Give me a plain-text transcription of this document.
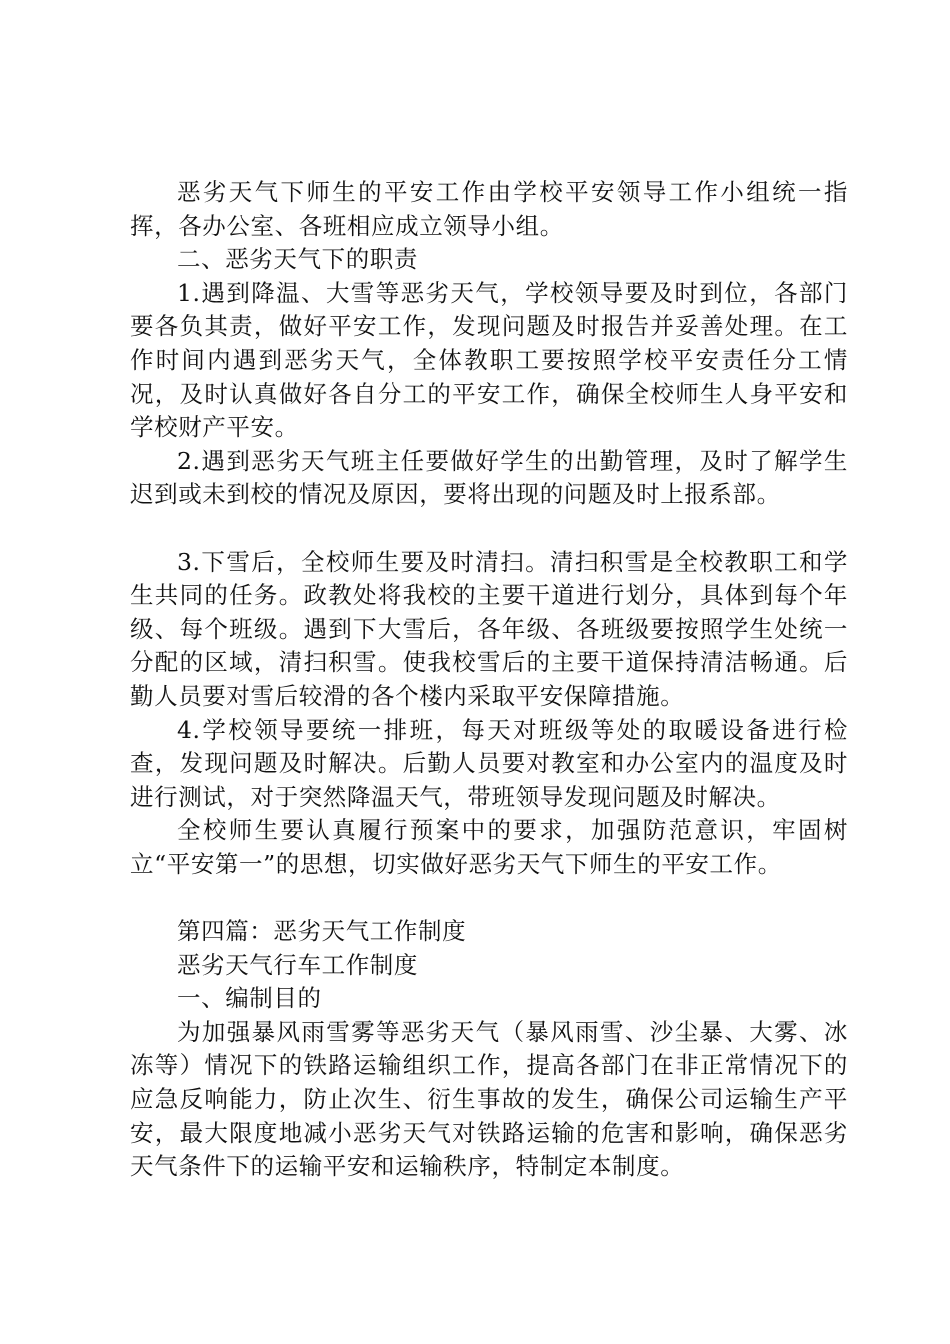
恶劣天气下师生的平安工作由学校平安领导工作小组统一指挥，各办公室、各班相应成立领导小组。

二、恶劣天气下的职责

1.遇到降温、大雪等恶劣天气，学校领导要及时到位，各部门要各负其责，做好平安工作，发现问题及时报告并妥善处理。在工作时间内遇到恶劣天气，全体教职工要按照学校平安责任分工情况，及时认真做好各自分工的平安工作，确保全校师生人身平安和学校财产平安。

2.遇到恶劣天气班主任要做好学生的出勤管理，及时了解学生迟到或未到校的情况及原因，要将出现的问题及时上报系部。

3.下雪后，全校师生要及时清扫。清扫积雪是全校教职工和学生共同的任务。政教处将我校的主要干道进行划分，具体到每个年级、每个班级。遇到下大雪后，各年级、各班级要按照学生处统一分配的区域，清扫积雪。使我校雪后的主要干道保持清洁畅通。后勤人员要对雪后较滑的各个楼内采取平安保障措施。

4.学校领导要统一排班，每天对班级等处的取暖设备进行检查，发现问题及时解决。后勤人员要对教室和办公室内的温度及时进行测试，对于突然降温天气，带班领导发现问题及时解决。

全校师生要认真履行预案中的要求，加强防范意识，牢固树立“平安第一”的思想，切实做好恶劣天气下师生的平安工作。

第四篇：恶劣天气工作制度

恶劣天气行车工作制度

一、编制目的

为加强暴风雨雪雾等恶劣天气（暴风雨雪、沙尘暴、大雾、冰冻等）情况下的铁路运输组织工作，提高各部门在非正常情况下的应急反响能力，防止次生、衍生事故的发生，确保公司运输生产平安，最大限度地减小恶劣天气对铁路运输的危害和影响，确保恶劣天气条件下的运输平安和运输秩序，特制定本制度。
